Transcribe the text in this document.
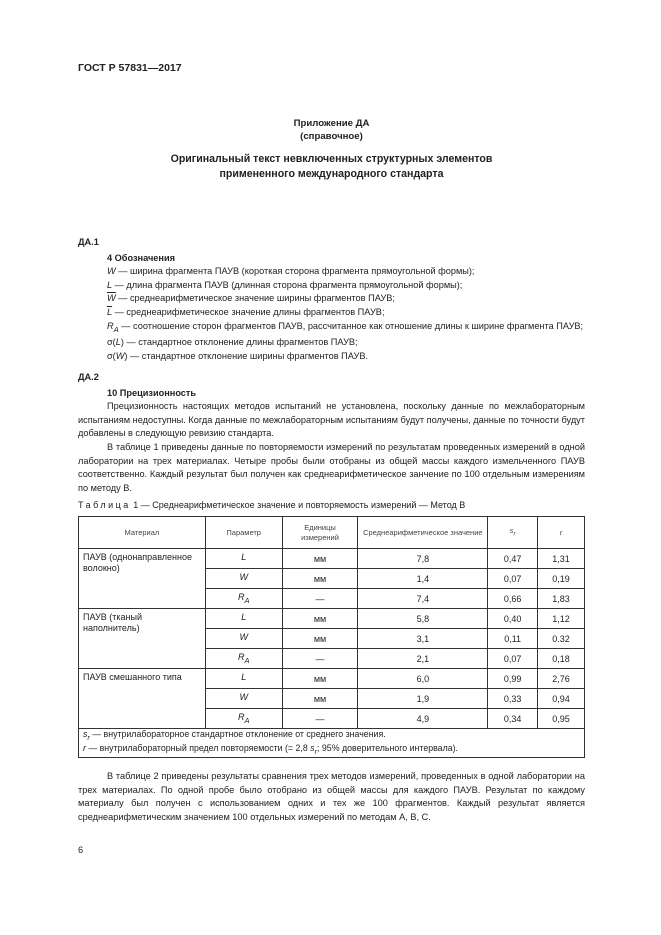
ГОСТ Р 57831—2017
Приложение ДА
(справочное)
Оригинальный текст невключенных структурных элементов
примененного международного стандарта
ДА.1
4 Обозначения
W — ширина фрагмента ПАУВ (короткая сторона фрагмента прямоугольной формы);
L — длина фрагмента ПАУВ (длинная сторона фрагмента прямоугольной формы);
$\overline{W}$ — среднеарифметическое значение ширины фрагментов ПАУВ;
$\overline{L}$ — среднеарифметическое значение длины фрагментов ПАУВ;
$R_A$ — соотношение сторон фрагментов ПАУВ, рассчитанное как отношение длины к ширине фрагмента ПАУВ;
σ(L) — стандартное отклонение длины фрагментов ПАУВ;
σ(W) — стандартное отклонение ширины фрагментов ПАУВ.
ДА.2
10 Прецизионность
Прецизионность настоящих методов испытаний не установлена, поскольку данные по межлабораторным испытаниям недоступны. Когда данные по межлабораторным испытаниям будут получены, данные по точности будут добавлены в следующую ревизию стандарта.
В таблице 1 приведены данные по повторяемости измерений по результатам проведенных измерений в одной лаборатории на трех материалах. Четыре пробы были отобраны из общей массы каждого измельченного ПАУВ соответственно. Каждый результат был получен как среднеарифметическое занчение по 100 отдельным измерениям по методу В.
Таблица 1 — Среднеарифметическое значение и повторяемость измерений — Метод В
Материал	Параметр	Единицы измерений	Среднеарифметическое значение	$s_r$	r
ПАУВ (однонаправленное волокно)	L	мм	7,8	0,47	1,31
	W	мм	1,4	0,07	0,19
	$R_A$	—	7,4	0,66	1,83
ПАУВ (тканый наполнитель)	L	мм	5,8	0,40	1,12
	W	мм	3,1	0,11	0.32
	$R_A$	—	2,1	0,07	0,18
ПАУВ смешанного типа	L	мм	6,0	0,99	2,76
	W	мм	1,9	0,33	0,94
	$R_A$	—	4,9	0,34	0,95

$s_r$ — внутрилабораторное стандартное отклонение от среднего значения.
r — внутрилабораторный предел повторяемости (= 2,8 $s_r$; 95% доверительного интервала).					
В таблице 2 приведены результаты сравнения трех методов измерений, проведенных в одной лаборатории на трех материалах. По одной пробе было отобрано из общей массы для каждого ПАУВ. Результат по каждому материалу был получен с использованием одних и тех же 100 фрагментов. Каждый результат является среднеарифметическим значением 100 отдельных измерений по методам А, В, С.
6
